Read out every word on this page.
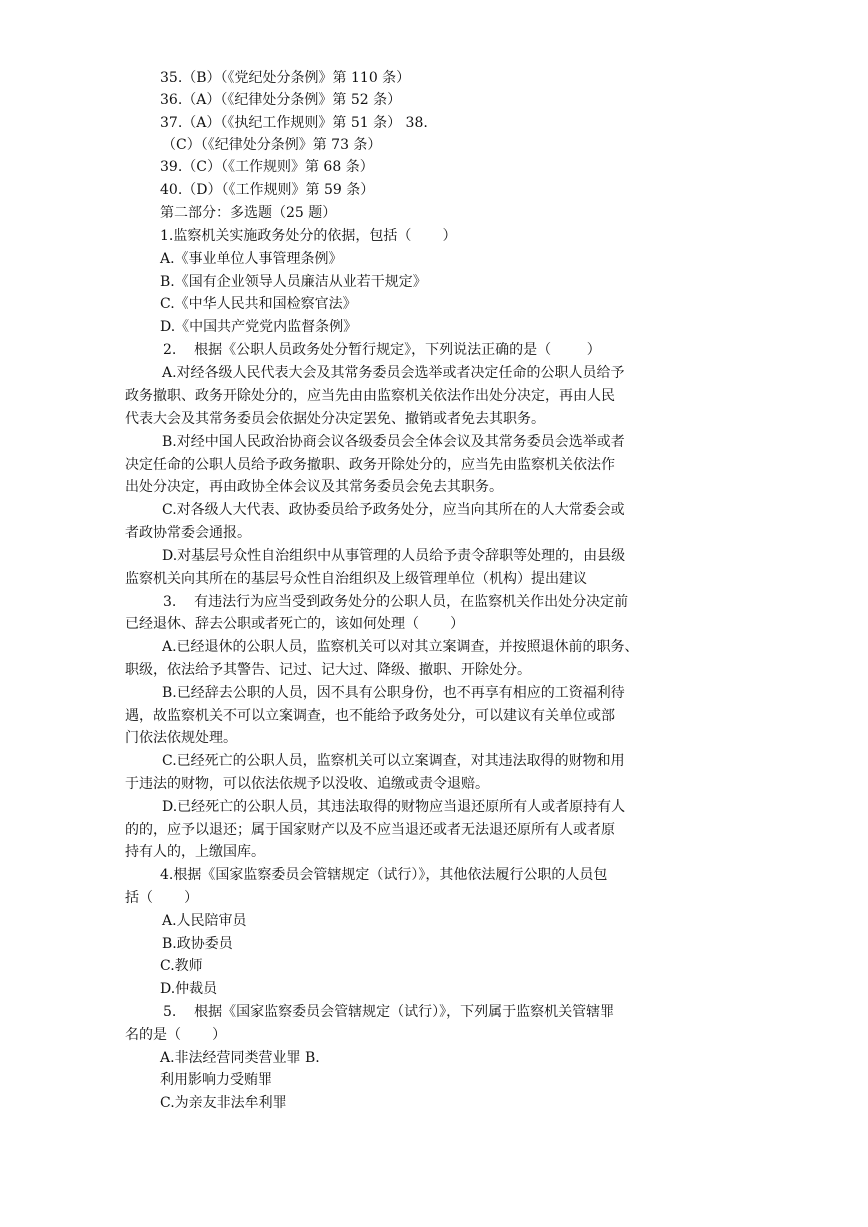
35.（B）（《党纪处分条例》第 110 条）
36.（A）（《纪律处分条例》第 52 条）
37.（A）（《执纪工作规则》第 51 条） 38.
（C）（《纪律处分条例》第 73 条）
39.（C）（《工作规则》第 68 条）
40.（D）（《工作规则》第 59 条）
第二部分：多选题（25 题）
1.监察机关实施政务处分的依据，包括（       ）
A.《事业单位人事管理条例》
B.《国有企业领导人员廉洁从业若干规定》
C.《中华人民共和国检察官法》
D.《中国共产党党内监督条例》
2.    根据《公职人员政务处分暂行规定》，下列说法正确的是（        ）
A.对经各级人民代表大会及其常务委员会选举或者决定任命的公职人员给予
政务撤职、政务开除处分的，应当先由由监察机关依法作出处分决定，再由人民
代表大会及其常务委员会依据处分决定罢免、撤销或者免去其职务。
B.对经中国人民政治协商会议各级委员会全体会议及其常务委员会选举或者
决定任命的公职人员给予政务撤职、政务开除处分的，应当先由监察机关依法作
出处分决定，再由政协全体会议及其常务委员会免去其职务。
C.对各级人大代表、政协委员给予政务处分，应当向其所在的人大常委会或
者政协常委会通报。
D.对基层号众性自治组织中从事管理的人员给予责令辞职等处理的，由县级
监察机关向其所在的基层号众性自治组织及上级管理单位（机构）提出建议
3.    有违法行为应当受到政务处分的公职人员，在监察机关作出处分决定前
已经退休、辞去公职或者死亡的，该如何处理（       ）
A.已经退休的公职人员，监察机关可以对其立案调查，并按照退休前的职务、
职级，依法给予其警告、记过、记大过、降级、撤职、开除处分。
B.已经辞去公职的人员，因不具有公职身份，也不再享有相应的工资福利待
遇，故监察机关不可以立案调查，也不能给予政务处分，可以建议有关单位或部
门依法依规处理。
C.已经死亡的公职人员，监察机关可以立案调查，对其违法取得的财物和用
于违法的财物，可以依法依规予以没收、追缴或责令退赔。
D.已经死亡的公职人员，其违法取得的财物应当退还原所有人或者原持有人
的的，应予以退还；属于国家财产以及不应当退还或者无法退还原所有人或者原
持有人的，上缴国库。
4.根据《国家监察委员会管辖规定（试行）》，其他依法履行公职的人员包
括（       ）
A.人民陪审员
B.政协委员
C.教师
D.仲裁员
5.    根据《国家监察委员会管辖规定（试行）》，下列属于监察机关管辖罪
名的是（       ）
A.非法经营同类营业罪 B.
利用影响力受贿罪
C.为亲友非法牟利罪
